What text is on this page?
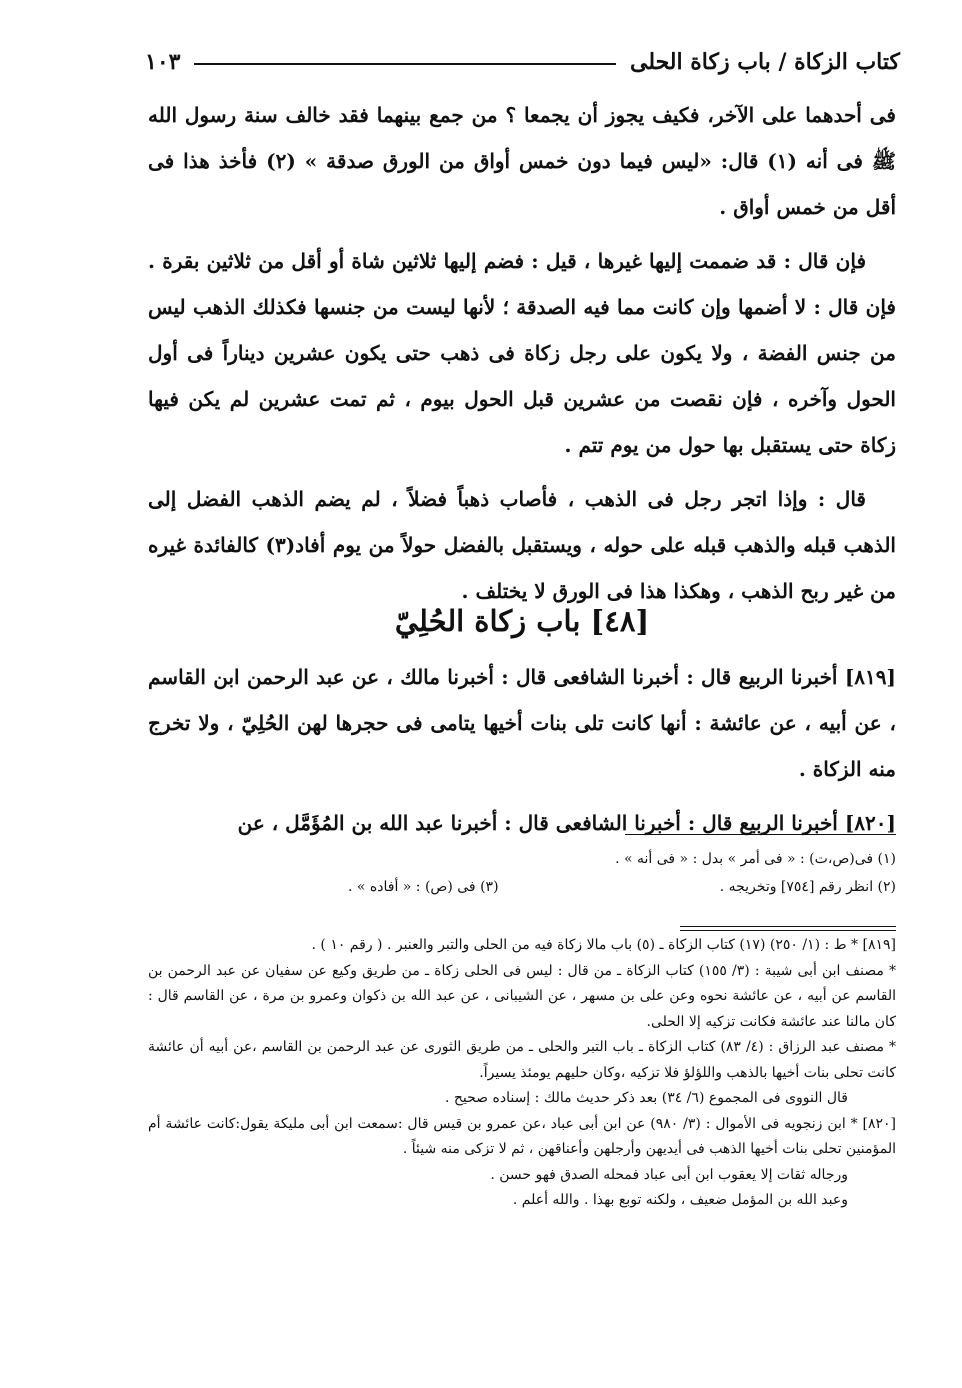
كتاب الزكاة / باب زكاة الحلى
١٠٣

فى أحدهما على الآخر، فكيف يجوز أن يجمعا ؟ من جمع بينهما فقد خالف سنة رسول الله ﷺ فى أنه (١) قال: «ليس فيما دون خمس أواق من الورق صدقة » (٢) فأخذ هذا فى أقل من خمس أواق .

فإن قال : قد ضممت إليها غيرها ، قيل : فضم إليها ثلاثين شاة أو أقل من ثلاثين بقرة . فإن قال : لا أضمها وإن كانت مما فيه الصدقة ؛ لأنها ليست من جنسها فكذلك الذهب ليس من جنس الفضة ، ولا يكون على رجل زكاة فى ذهب حتى يكون عشرين ديناراً فى أول الحول وآخره ، فإن نقصت من عشرين قبل الحول بيوم ، ثم تمت عشرين لم يكن فيها زكاة حتى يستقبل بها حول من يوم تتم .

قال : وإذا اتجر رجل فى الذهب ، فأصاب ذهباً فضلاً ، لم يضم الذهب الفضل إلى الذهب قبله والذهب قبله على حوله ، ويستقبل بالفضل حولاً من يوم أفاد(٣) كالفائدة غيره من غير ربح الذهب ، وهكذا هذا فى الورق لا يختلف .

[٤٨] باب زكاة الحُلِيّ

[٨١٩] أخبرنا الربيع قال : أخبرنا الشافعى قال : أخبرنا مالك ، عن عبد الرحمن ابن القاسم ، عن أبيه ، عن عائشة : أنها كانت تلى بنات أخيها يتامى فى حجرها لهن الحُلِيّ ، ولا تخرج منه الزكاة .

[٨٢٠] أخبرنا الربيع قال : أخبرنا الشافعى قال : أخبرنا عبد الله بن المُؤَمَّل ، عن

(١) فى(ص،ت) : « فى أمر » بدل : « فى أنه » .
(٢) انظر رقم [٧٥٤] وتخريجه .
(٣) فى (ص) : « أفاده » .

[٨١٩] * ط : (١/ ٢٥٠) (١٧) كتاب الزكاة ـ (٥) باب مالا زكاة فيه من الحلى والتبر والعنبر . ( رقم ١٠ ) .

* مصنف ابن أبى شيبة : (٣/ ١٥٥) كتاب الزكاة ـ من قال : ليس فى الحلى زكاة ـ من طريق وكيع عن سفيان عن عبد الرحمن بن القاسم عن أبيه ، عن عائشة نحوه وعن على بن مسهر ، عن الشيبانى ، عن عبد الله بن ذكوان وعمرو بن مرة ، عن القاسم قال : كان مالنا عند عائشة فكانت تزكيه إلا الحلى.

* مصنف عبد الرزاق : (٤/ ٨٣) كتاب الزكاة ـ باب التبر والحلى ـ من طريق الثورى عن عبد الرحمن بن القاسم ،عن أبيه أن عائشة كانت تحلى بنات أخيها بالذهب واللؤلؤ فلا تزكيه ،وكان حليهم يومئذ يسيراً.

قال النووى فى المجموع (٦/ ٣٤) بعد ذكر حديث مالك : إسناده صحيح .

[٨٢٠] * ابن زنجويه فى الأموال : (٣/ ٩٨٠) عن ابن أبى عباد ،عن عمرو بن قيس قال :سمعت ابن أبى مليكة يقول:كانت عائشة أم المؤمنين تحلى بنات أخيها الذهب فى أيديهن وأرجلهن وأعناقهن ، ثم لا تزكى منه شيئاً .

ورجاله ثقات إلا يعقوب ابن أبى عباد فمحله الصدق فهو حسن .

وعبد الله بن المؤمل ضعيف ، ولكنه توبع بهذا . والله أعلم .
